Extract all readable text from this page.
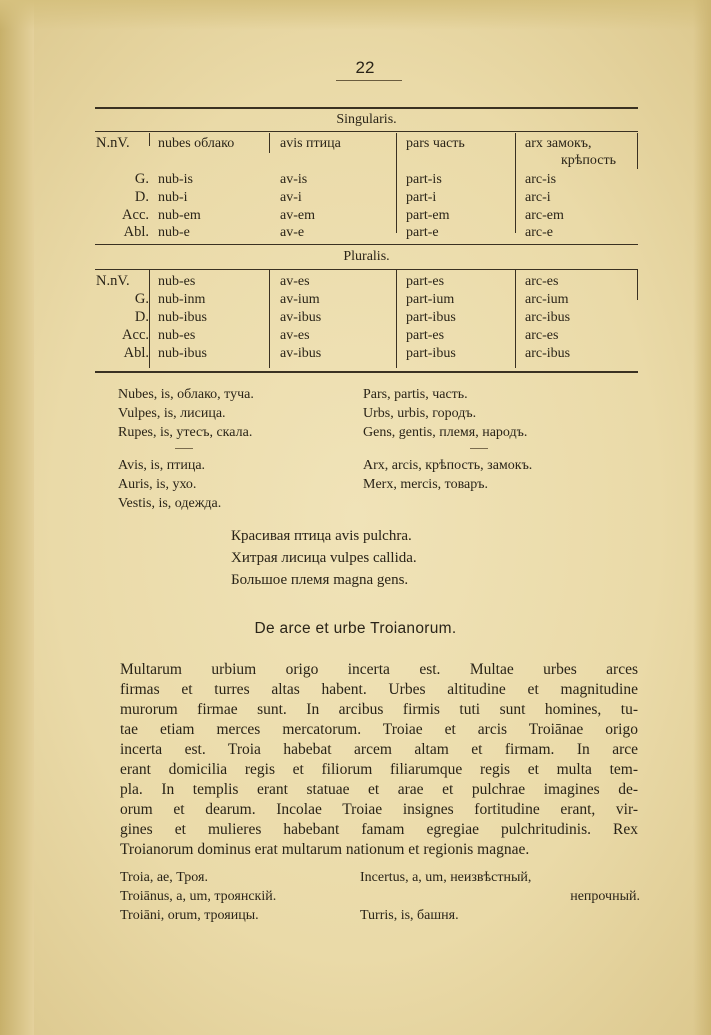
22
Singularis.
N.nV.	nubes облако	avis птица	pars часть	arx замокъ,
крѣпость
G. nub-is	av-is	part-is	arc-is
D. nub-i	av-i	part-i	arc-i
Acc. nub-em	av-em	part-em	arc-em
Abl. nub-e	av-e	part-e	arc-e
Pluralis.
N.nV.	nub-es	av-es	part-es	arc-es
G. nub-inm	av-ium	part-ium	arc-ium
D. nub-ibus	av-ibus	part-ibus	arc-ibus
Acc. nub-es	av-es	part-es	arc-es
Abl. nub-ibus	av-ibus	part-ibus	arc-ibus
Nubes, is, облако, туча.
Vulpes, is, лисица.
Rupes, is, утесъ, скала.
Pars, partis, часть.
Urbs, urbis, городъ.
Gens, gentis, племя, народъ.
Avis, is, птица.
Auris, is, ухо.
Vestis, is, одежда.
Arx, arcis, крѣпость, замокъ.
Merx, mercis, товаръ.
Красивая птица avis pulchra.
Хитрая лисица vulpes callida.
Большое племя magna gens.
De arce et urbe Troianorum.
Multarum urbium origo incerta est. Multae urbes arces
firmas et turres altas habent. Urbes altitudine et magnitudine
murorum firmae sunt. In arcibus firmis tuti sunt homines, tu-
tae etiam merces mercatorum. Troiae et arcis Troiānae origo
incerta est. Troia habebat arcem altam et firmam. In arce
erant domicilia regis et filiorum filiarumque regis et multa tem-
pla. In templis erant statuae et arae et pulchrae imagines de-
orum et dearum. Incolae Troiae insignes fortitudine erant, vir-
gines et mulieres habebant famam egregiae pulchritudinis. Rex
Troianorum dominus erat multarum nationum et regionis magnae.
Troia, ae, Троя.
Troiānus, a, um, троянскiй.
Troiāni, orum, трояицы.
Incertus, a, um, неизвѣстный,
непрочный.
Turris, is, башня.
